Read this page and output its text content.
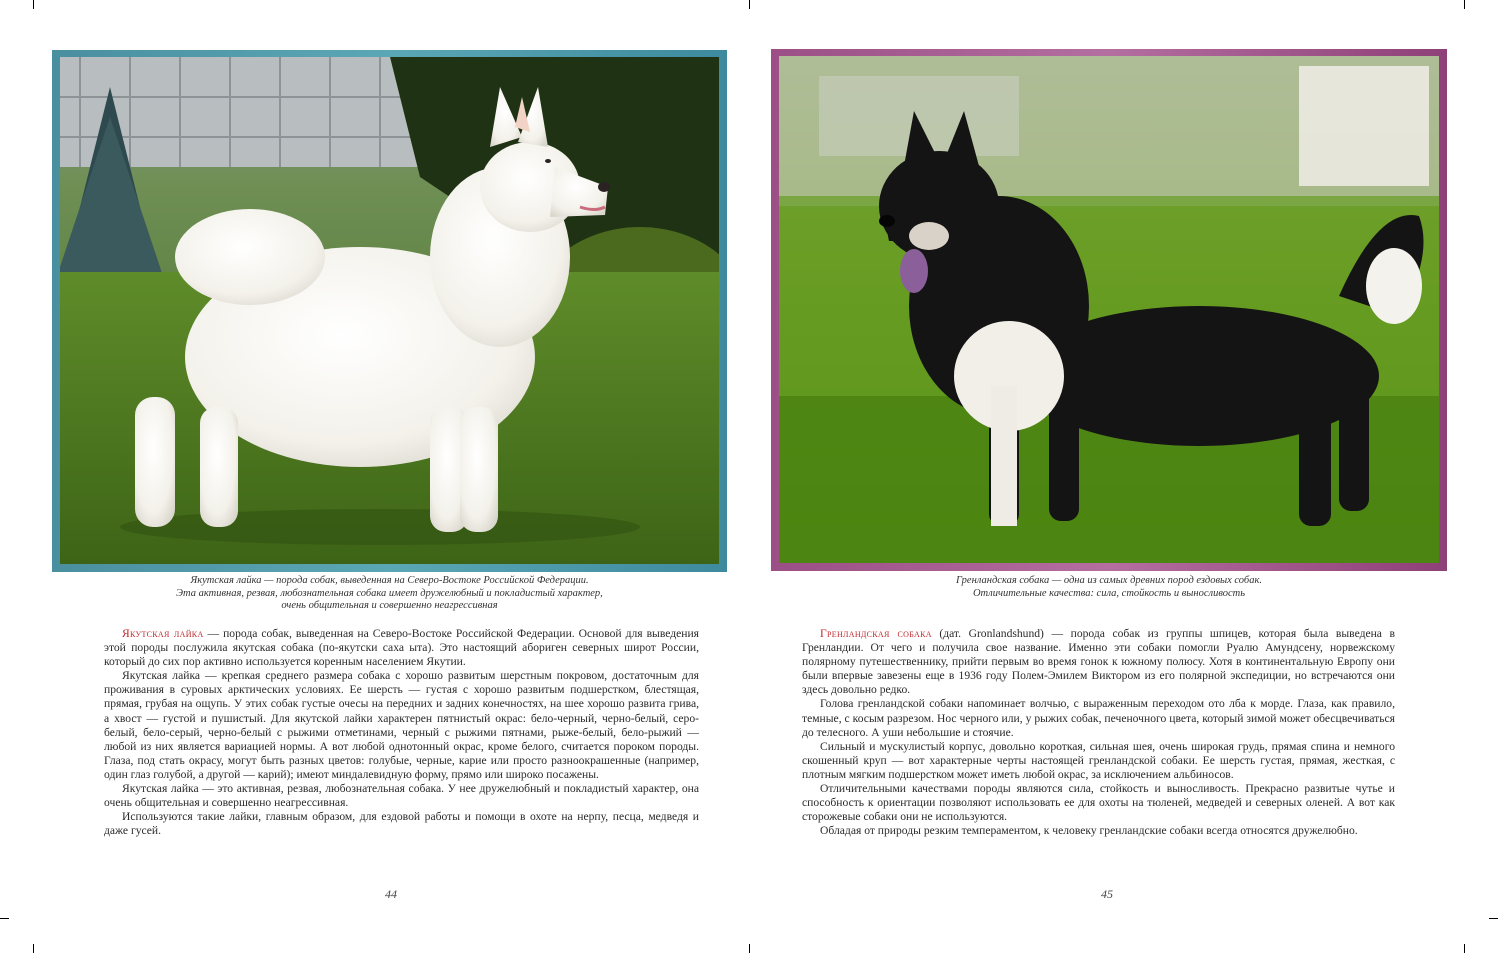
Якутская лайка — порода собак, выведенная на Северо-Востоке Российской Федерации.
Эта активная, резвая, любознательная собака имеет дружелюбный и покладистый характер,
очень общительная и совершенно неагрессивная

Якутская лайка — порода собак, выведенная на Северо-Востоке Российской Федерации. Основой для выведения этой породы послужила якутская собака (по-якутски саха ыта). Это настоящий абориген северных широт России, который до сих пор активно используется коренным населением Якутии.

Якутская лайка — крепкая среднего размера собака с хорошо развитым шерстным покровом, достаточным для проживания в суровых арктических условиях. Ее шерсть — густая с хорошо развитым подшерстком, блестящая, прямая, грубая на ощупь. У этих собак густые очесы на передних и задних конечностях, на шее хорошо развита грива, а хвост — густой и пушистый. Для якутской лайки характерен пятнистый окрас: бело-черный, черно-белый, серо-белый, бело-серый, черно-белый с рыжими отметинами, черный с рыжими пятнами, рыже-белый, бело-рыжий — любой из них является вариацией нормы. А вот любой однотонный окрас, кроме белого, считается пороком породы. Глаза, под стать окрасу, могут быть разных цветов: голубые, черные, карие или просто разноокрашенные (например, один глаз голубой, а другой — карий); имеют миндалевидную форму, прямо или широко посажены.

Якутская лайка — это активная, резвая, любознательная собака. У нее дружелюбный и покладистый характер, она очень общительная и совершенно неагрессивная.

Используются такие лайки, главным образом, для ездовой работы и помощи в охоте на нерпу, песца, медведя и даже гусей.

44
Гренландская собака — одна из самых древних пород ездовых собак.
Отличительные качества: сила, стойкость и выносливость

Гренландская собака (дат. Gronlandshund) — порода собак из группы шпицев, которая была выведена в Гренландии. От чего и получила свое название. Именно эти собаки помогли Руалю Амундсену, норвежскому полярному путешественнику, прийти первым во время гонок к южному полюсу. Хотя в континентальную Европу они были впервые завезены еще в 1936 году Полем-Эмилем Виктором из его полярной экспедиции, но встречаются они здесь довольно редко.

Голова гренландской собаки напоминает волчью, с выраженным переходом ото лба к морде. Глаза, как правило, темные, с косым разрезом. Нос черного или, у рыжих собак, печеночного цвета, который зимой может обесцвечиваться до телесного. А уши небольшие и стоячие.

Сильный и мускулистый корпус, довольно короткая, сильная шея, очень широкая грудь, прямая спина и немного скошенный круп — вот характерные черты настоящей гренландской собаки. Ее шерсть густая, прямая, жесткая, с плотным мягким подшерстком может иметь любой окрас, за исключением альбиносов.

Отличительными качествами породы являются сила, стойкость и выносливость. Прекрасно развитые чутье и способность к ориентации позволяют использовать ее для охоты на тюленей, медведей и северных оленей. А вот как сторожевые собаки они не используются.

Обладая от природы резким темпераментом, к человеку гренландские собаки всегда относятся дружелюбно.

45
